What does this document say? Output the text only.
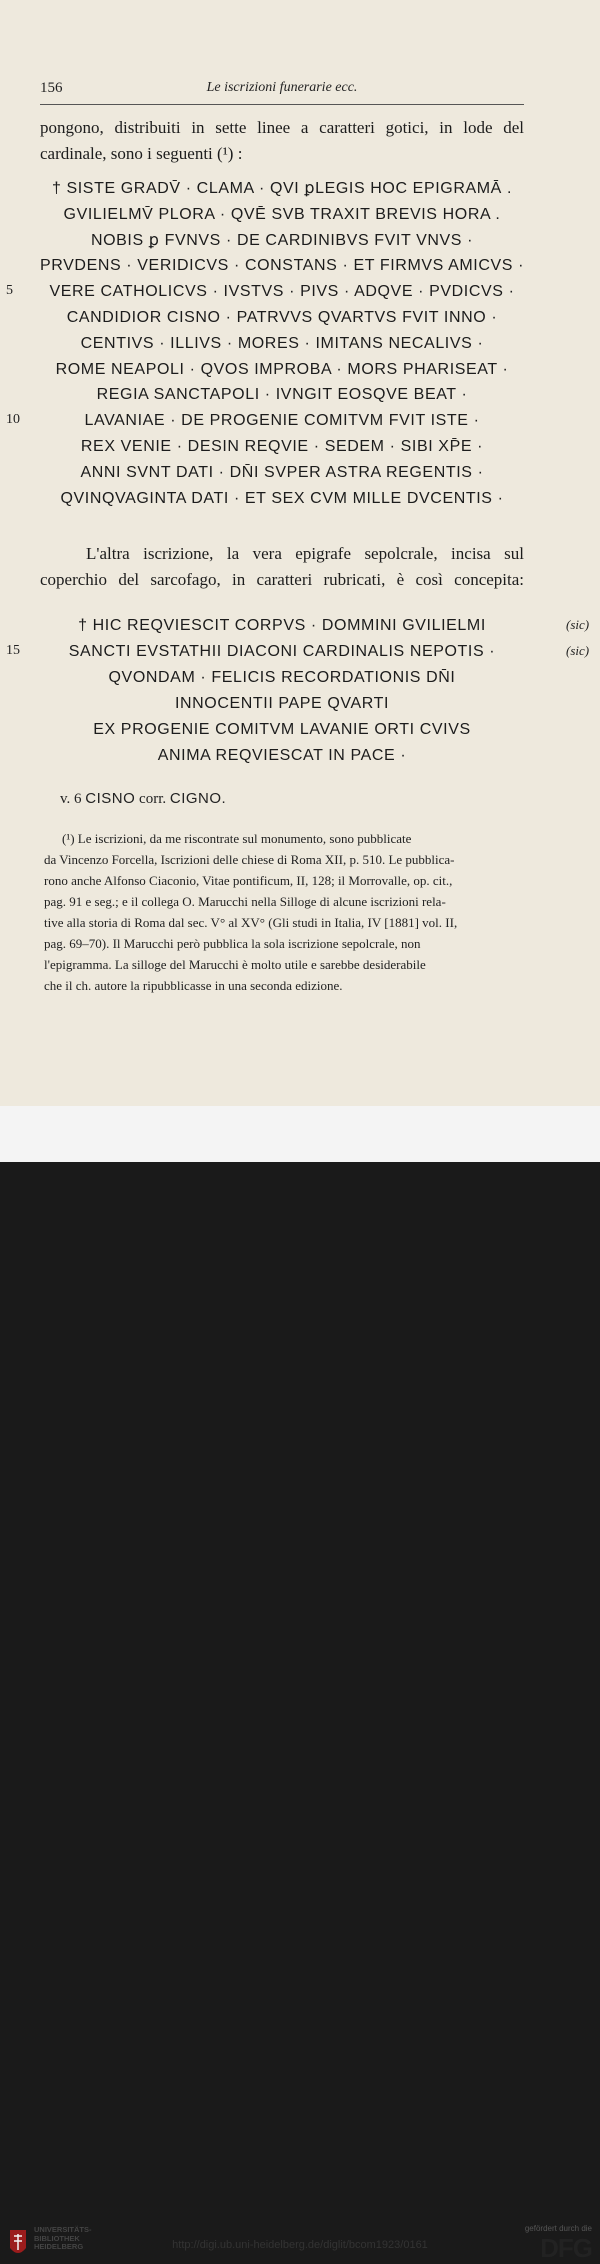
156	Le iscrizioni funerarie ecc.
pongono, distribuiti in sette linee a caratteri gotici, in lode del
cardinale, sono i seguenti (¹) :
† SISTE GRADV̄ · CLAMA · QVI ꝑLEGIS HOC EPIGRAMĀ .
GVILIELMV̄ PLORA · QVĒ SVB TRAXIT BREVIS HORA .
NOBIS ꝑ FVNVS · DE CARDINIBVS FVIT VNVS ·
PRVDENS · VERIDICVS · CONSTANS · ET FIRMVS AMICVS ·
VERE CATHOLICVS · IVSTVS · PIVS · ADQVE · PVDICVS ·
CANDIDIOR CISNO · PATRVVS QVARTVS FVIT INNO ·
CENTIVS · ILLIVS · MORES · IMITANS NECALIVS ·
ROME NEAPOLI · QVOS IMPROBA · MORS PHARISEAT ·
REGIA SANCTAPOLI · IVNGIT EOSQVE BEAT ·
LAVANIAE · DE PROGENIE COMITVM FVIT ISTE ·
REX VENIE · DESIN REQVIE · SEDEM · SIBI XP̄E ·
ANNI SVNT DATI · DN̄I SVPER ASTRA REGENTIS ·
QVINQVAGINTA DATI · ET SEX CVM MILLE DVCENTIS ·
L'altra iscrizione, la vera epigrafe sepolcrale, incisa sul
coperchio del sarcofago, in caratteri rubricati, è così concepita:
† HIC REQVIESCIT CORPVS · DOMMINI GVILIELMI
SANCTI EVSTATHII DIACONI CARDINALIS NEPOTIS ·
QVONDAM · FELICIS RECORDATIONIS DN̄I
INNOCENTII PAPE QVARTI
EX PROGENIE COMITVM LAVANIE ORTI CVIVS
ANIMA REQVIESCAT IN PACE ·
v. 6 CISNO corr. CIGNO.
(¹) Le iscrizioni, da me riscontrate sul monumento, sono pubblicate
da Vincenzo Forcella, Iscrizioni delle chiese di Roma XII, p. 510. Le pubblica-
rono anche Alfonso Ciaconio, Vitae pontificum, II, 128; il Morrovalle, op. cit.,
pag. 91 e seg.; e il collega O. Marucchi nella Silloge di alcune iscrizioni rela-
tive alla storia di Roma dal sec. V° al XV° (Gli studi in Italia, IV [1881] vol. II,
pag. 69–70). Il Marucchi però pubblica la sola iscrizione sepolcrale, non
l'epigramma. La silloge del Marucchi è molto utile e sarebbe desiderabile
che il ch. autore la ripubblicasse in una seconda edizione.
5
10
(sic)
15	(sic)
UNIVERSITÄTS-
BIBLIOTHEK
HEIDELBERG	http://digi.ub.uni-heidelberg.de/diglit/bcom1923/0161
gefördert durch die
DFG
